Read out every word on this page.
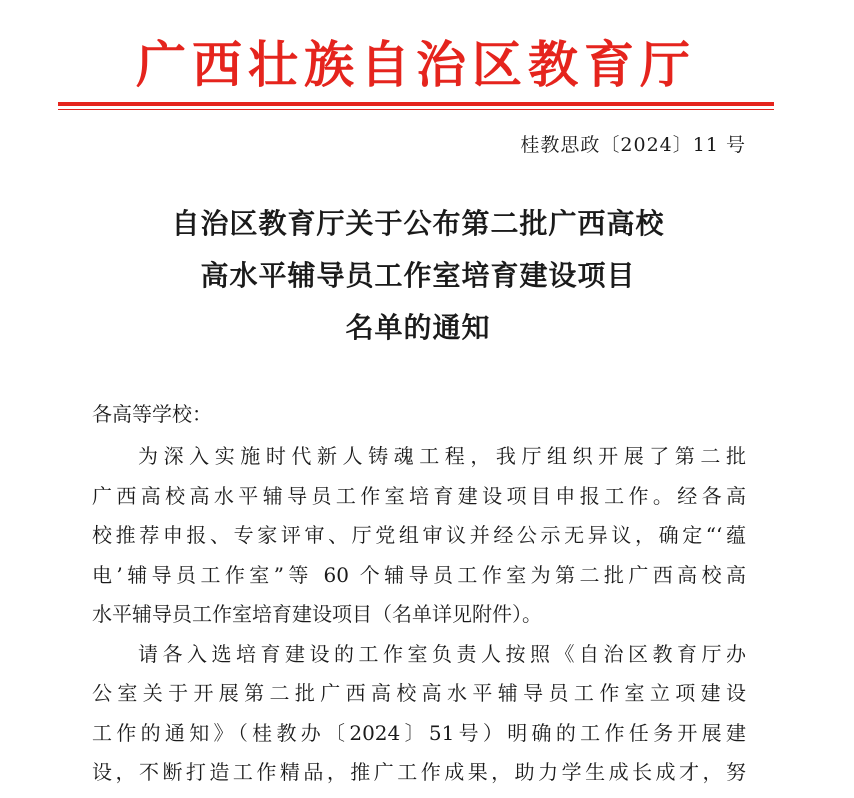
广西壮族自治区教育厅
桂教思政〔2024〕11 号
自治区教育厅关于公布第二批广西高校
高水平辅导员工作室培育建设项目
名单的通知
各高等学校：
为深入实施时代新人铸魂工程，我厅组织开展了第二批
广西高校高水平辅导员工作室培育建设项目申报工作。经各高
校推荐申报、专家评审、厅党组审议并经公示无异议，确定“‘蕴
电’辅导员工作室”等 60 个辅导员工作室为第二批广西高校高
水平辅导员工作室培育建设项目（名单详见附件）。
请各入选培育建设的工作室负责人按照《自治区教育厅办
公室关于开展第二批广西高校高水平辅导员工作室立项建设
工作的通知》（桂教办〔2024〕51号）明确的工作任务开展建
设，不断打造工作精品，推广工作成果，助力学生成长成才，努
